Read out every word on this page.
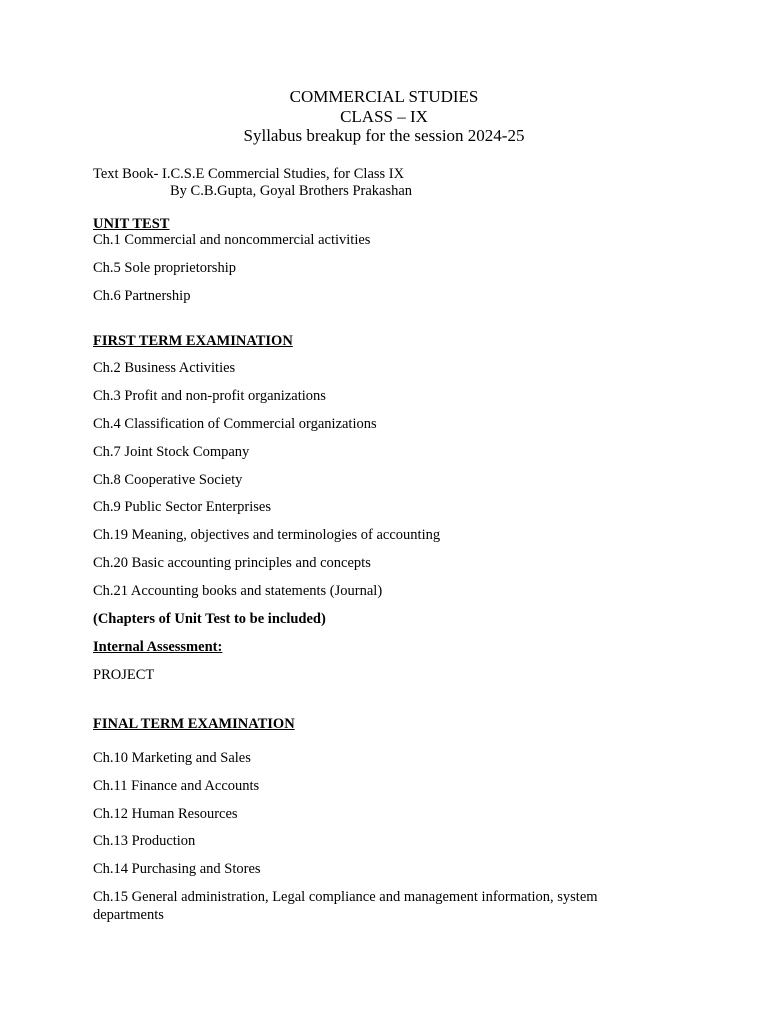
COMMERCIAL STUDIES
CLASS – IX
Syllabus breakup for the session 2024-25
Text Book- I.C.S.E Commercial Studies, for Class IX
By C.B.Gupta, Goyal Brothers Prakashan
UNIT TEST
Ch.1 Commercial and noncommercial activities
Ch.5 Sole proprietorship
Ch.6 Partnership
FIRST TERM EXAMINATION
Ch.2 Business Activities
Ch.3 Profit and non-profit organizations
Ch.4 Classification of Commercial organizations
Ch.7 Joint Stock Company
Ch.8 Cooperative Society
Ch.9 Public Sector Enterprises
Ch.19 Meaning, objectives and terminologies of accounting
Ch.20 Basic accounting principles and concepts
Ch.21 Accounting books and statements (Journal)
(Chapters of Unit Test to be included)
Internal Assessment:
PROJECT
FINAL TERM EXAMINATION
Ch.10 Marketing and Sales
Ch.11 Finance and Accounts
Ch.12 Human Resources
Ch.13 Production
Ch.14 Purchasing and Stores
Ch.15 General administration, Legal compliance and management information, system departments
